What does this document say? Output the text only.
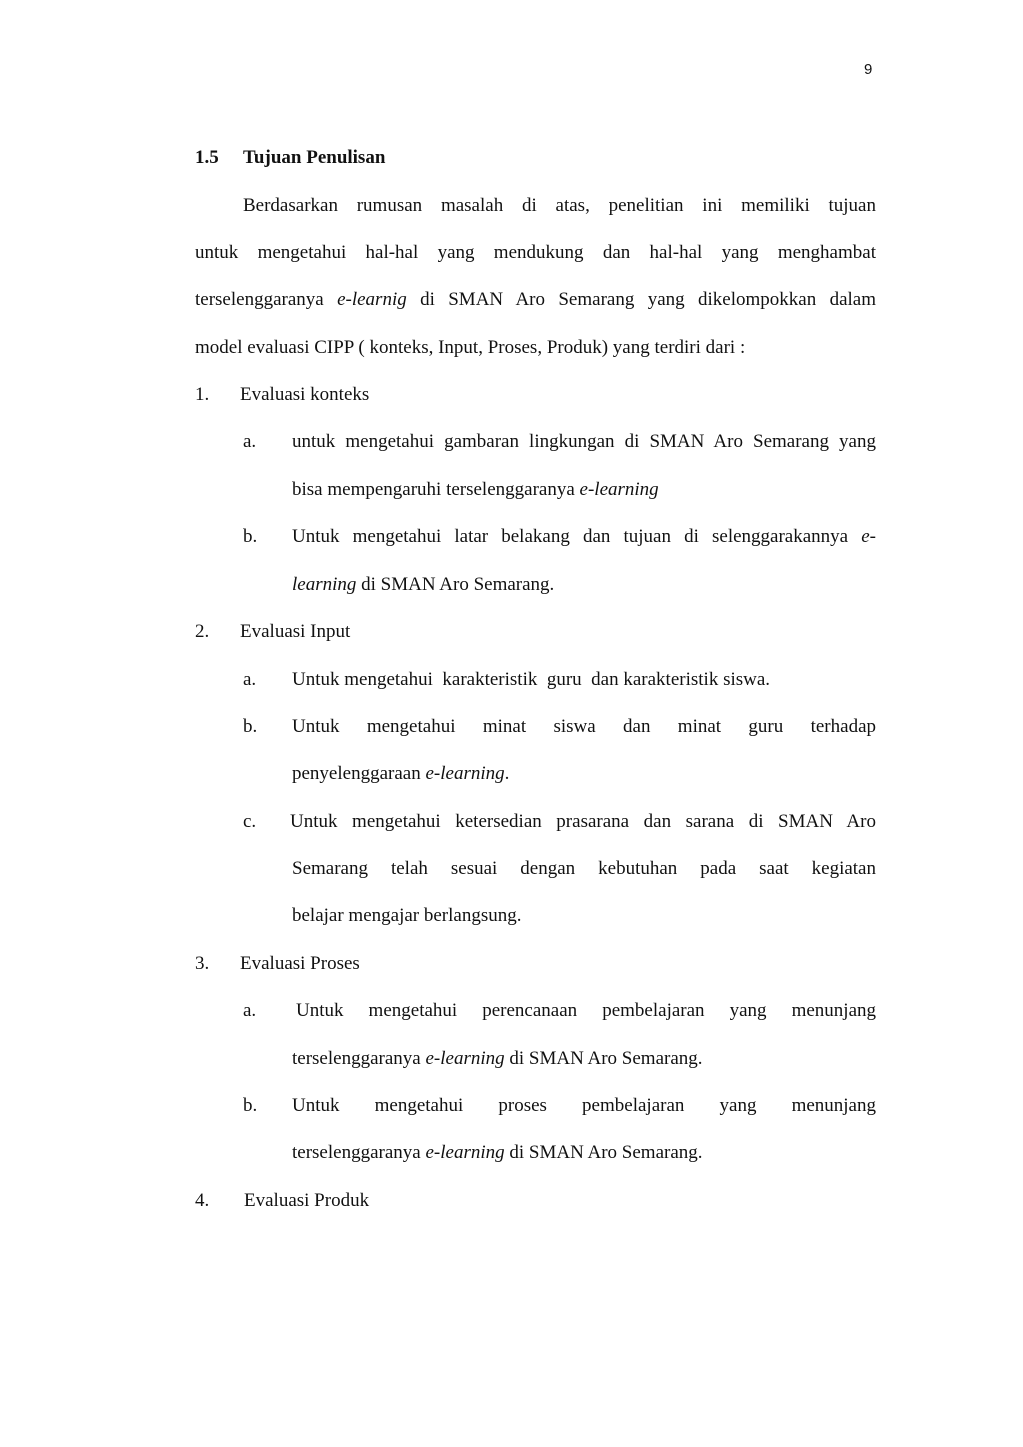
9
1.5 Tujuan Penulisan
Berdasarkan rumusan masalah di atas, penelitian ini memiliki tujuan
untuk mengetahui hal-hal yang mendukung dan hal-hal yang menghambat
terselenggaranya e-learnig di SMAN Aro Semarang yang dikelompokkan dalam
model evaluasi CIPP ( konteks, Input, Proses, Produk) yang terdiri dari :
1. Evaluasi konteks
a. untuk mengetahui gambaran lingkungan di SMAN Aro Semarang yang
bisa mempengaruhi terselenggaranya e-learning
b. Untuk mengetahui latar belakang dan tujuan di selenggarakannya e-
learning di SMAN Aro Semarang.
2. Evaluasi Input
a. Untuk mengetahui  karakteristik  guru  dan karakteristik siswa.
b. Untuk mengetahui minat siswa dan minat guru terhadap
penyelenggaraan e-learning.
c. Untuk mengetahui ketersedian prasarana dan sarana di SMAN Aro
Semarang telah sesuai dengan kebutuhan pada saat kegiatan
belajar mengajar berlangsung.
3. Evaluasi Proses
a. Untuk mengetahui perencanaan pembelajaran yang menunjang
terselenggaranya e-learning di SMAN Aro Semarang.
b. Untuk mengetahui proses pembelajaran yang menunjang
terselenggaranya e-learning di SMAN Aro Semarang.
4. Evaluasi Produk
